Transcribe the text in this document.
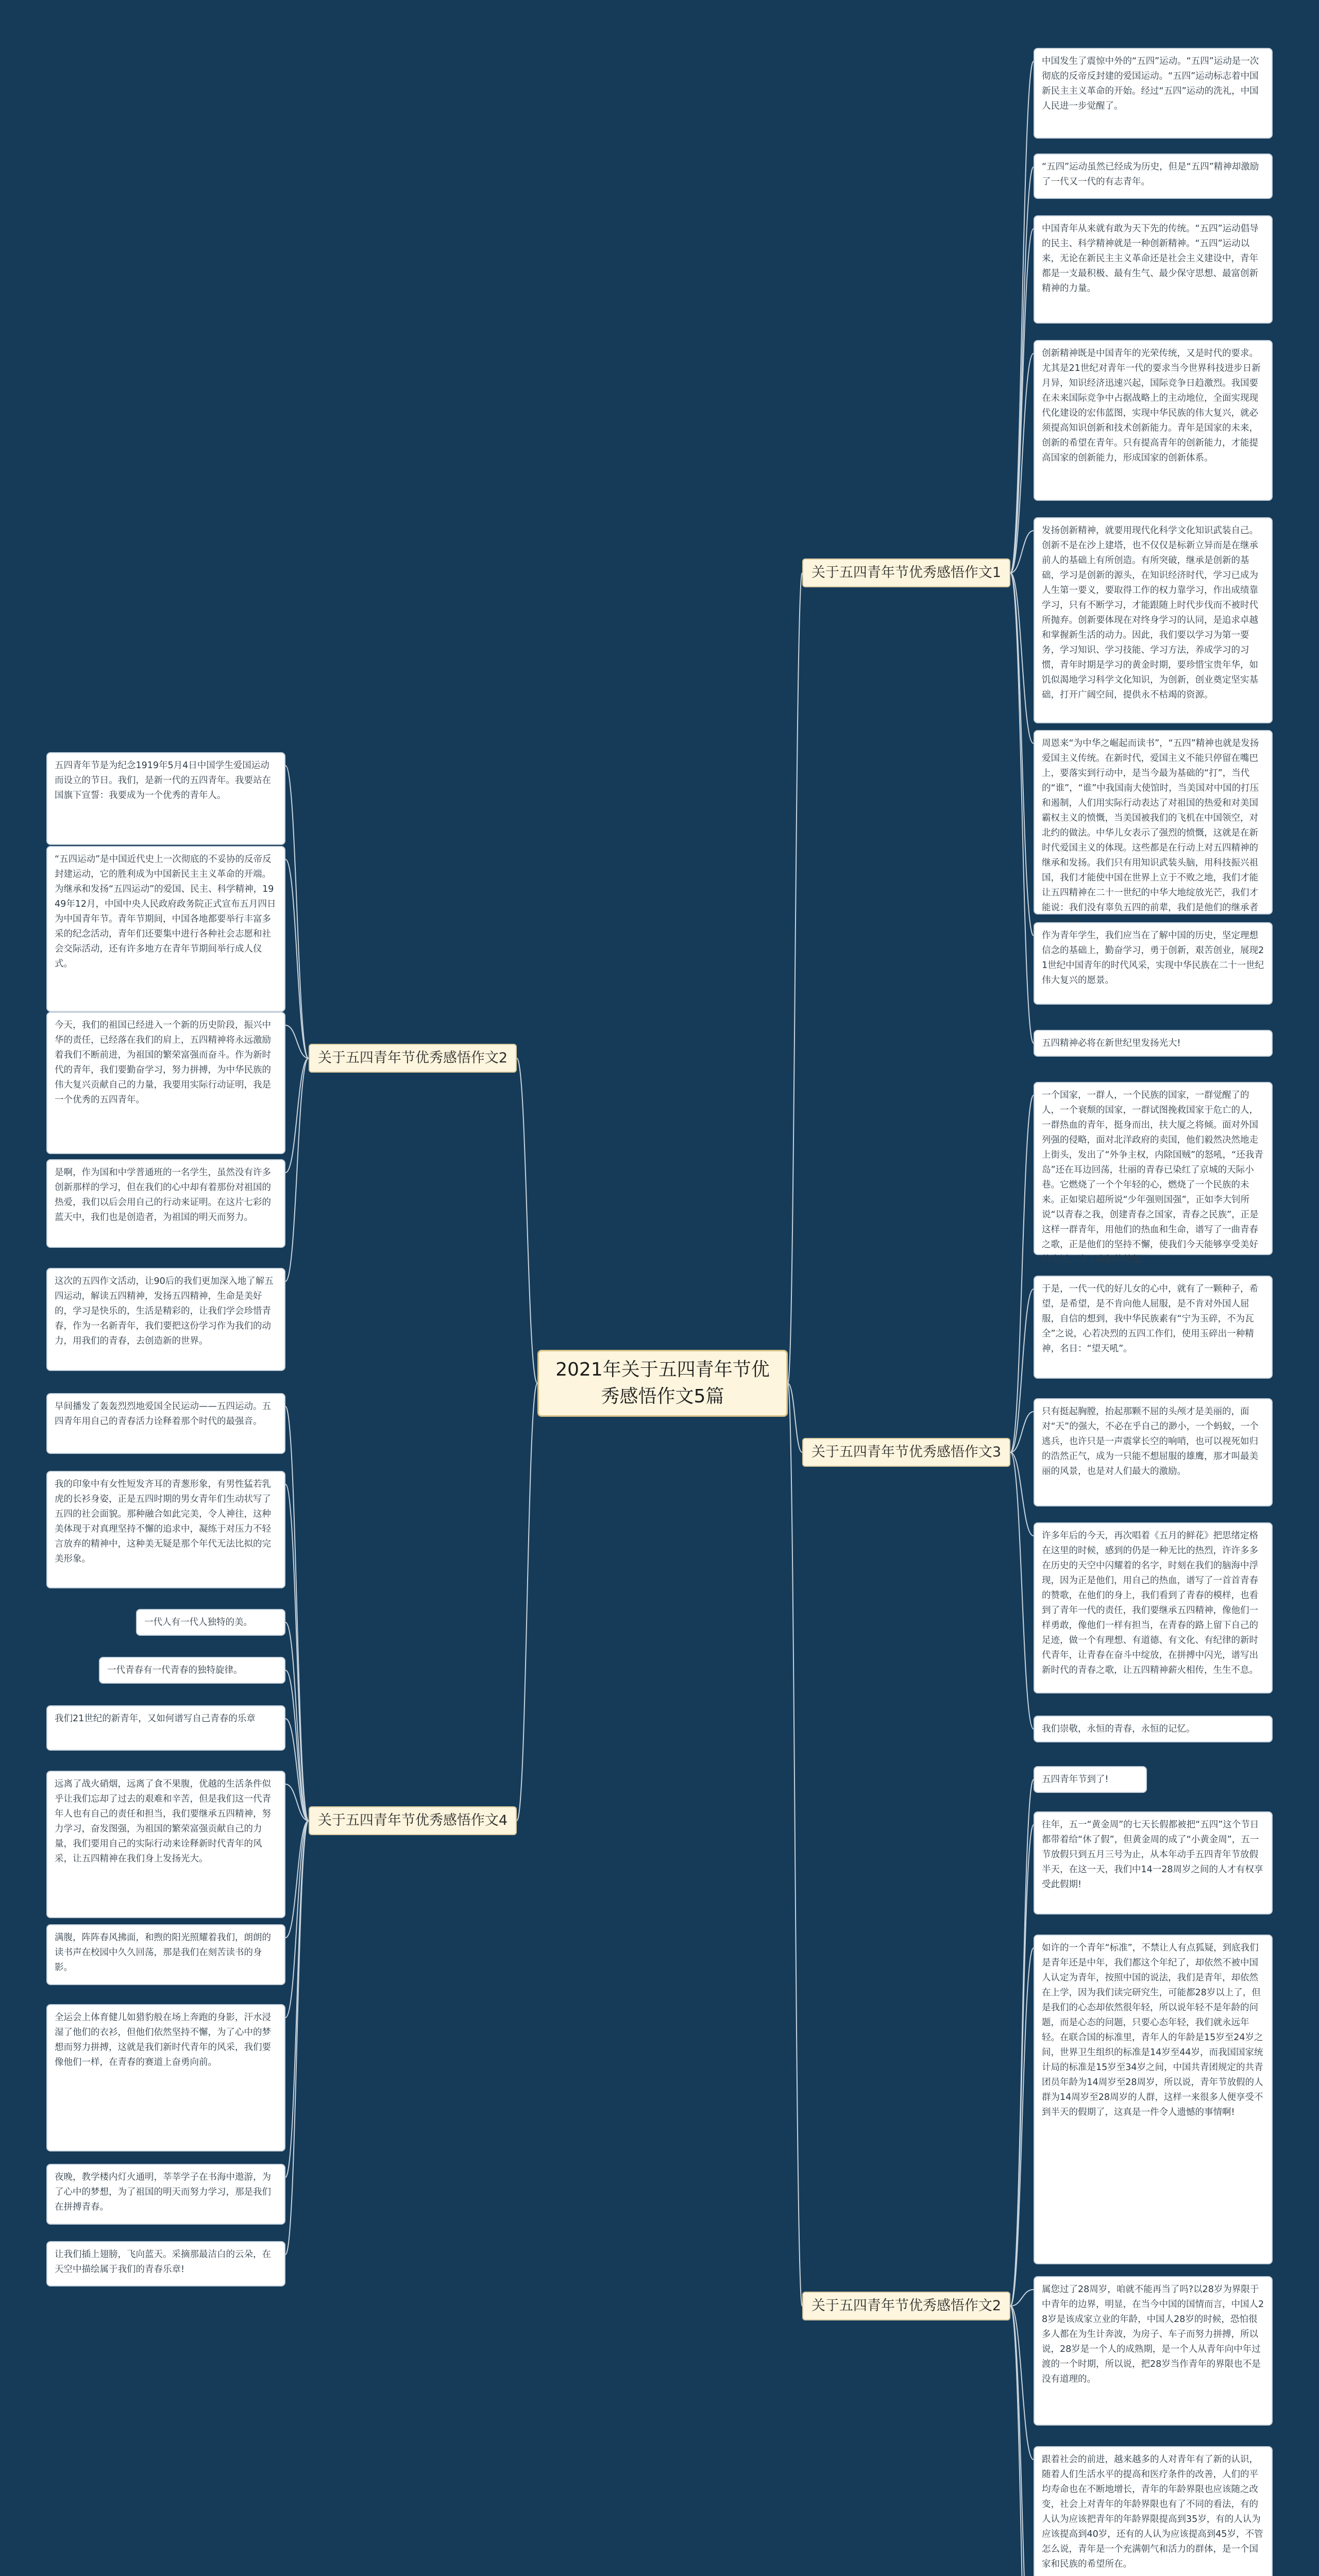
2021年关于五四青年节优秀感悟作文5篇
关于五四青年节优秀感悟作文1
关于五四青年节优秀感悟作文3
关于五四青年节优秀感悟作文2
关于五四青年节优秀感悟作文2
关于五四青年节优秀感悟作文4

中国发生了震惊中外的“五四”运动。“五四”运动是一次彻底的反帝反封建的爱国运动。“五四”运动标志着中国新民主主义革命的开始。经过“五四”运动的洗礼，中国人民进一步觉醒了。

“五四”运动虽然已经成为历史，但是“五四”精神却激励了一代又一代的有志青年。

中国青年从来就有敢为天下先的传统。“五四”运动倡导的民主、科学精神就是一种创新精神。“五四”运动以来，无论在新民主主义革命还是社会主义建设中，青年都是一支最积极、最有生气、最少保守思想、最富创新精神的力量。

创新精神既是中国青年的光荣传统，又是时代的要求。尤其是21世纪对青年一代的要求当今世界科技进步日新月异，知识经济迅速兴起，国际竞争日趋激烈。我国要在未来国际竞争中占据战略上的主动地位，全面实现现代化建设的宏伟蓝图，实现中华民族的伟大复兴，就必须提高知识创新和技术创新能力。青年是国家的未来，创新的希望在青年。只有提高青年的创新能力，才能提高国家的创新能力，形成国家的创新体系。

发扬创新精神，就要用现代化科学文化知识武装自己。创新不是在沙上建塔，也不仅仅是标新立异而是在继承前人的基础上有所创造。有所突破，继承是创新的基础，学习是创新的源头，在知识经济时代，学习已成为人生第一要义，要取得工作的权力靠学习，作出成绩靠学习，只有不断学习，才能跟随上时代步伐而不被时代所抛弃。创新要体现在对终身学习的认同，是追求卓越和掌握新生活的动力。因此，我们要以学习为第一要务，学习知识、学习技能、学习方法，养成学习的习惯，青年时期是学习的黄金时期，要珍惜宝贵年华，如饥似渴地学习科学文化知识，为创新，创业奠定坚实基础，打开广阔空间，提供永不枯竭的资源。

周恩来“为中华之崛起而读书”，“五四”精神也就是发扬爱国主义传统。在新时代，爱国主义不能只停留在嘴巴上，要落实到行动中，是当今最为基础的“打”，当代的“谁”，“谁”中我国南大使馆时，当美国对中国的打压和遏制，人们用实际行动表达了对祖国的热爱和对美国霸权主义的愤慨，当美国被我们的飞机在中国领空，对北约的做法。中华儿女表示了强烈的愤慨，这就是在新时代爱国主义的体现。这些都是在行动上对五四精神的继承和发扬。我们只有用知识武装头脑，用科技振兴祖国，我们才能使中国在世界上立于不败之地，我们才能让五四精神在二十一世纪的中华大地绽放光芒，我们才能说：我们没有辜负五四的前辈，我们是他们的继承者

作为青年学生，我们应当在了解中国的历史，坚定理想信念的基础上，勤奋学习，勇于创新，艰苦创业，展现21世纪中国青年的时代风采，实现中华民族在二十一世纪伟大复兴的愿景。

五四精神必将在新世纪里发扬光大!

一个国家，一群人，一个民族的国家，一群觉醒了的人，一个衰颓的国家，一群试图挽救国家于危亡的人，一群热血的青年，挺身而出，扶大厦之将倾。面对外国列强的侵略，面对北洋政府的卖国，他们毅然决然地走上街头，发出了“外争主权，内除国贼”的怒吼，“还我青岛”还在耳边回荡，壮丽的青春已染红了京城的天际小巷。它燃烧了一个个年轻的心，燃烧了一个民族的未来。正如梁启超所说“少年强则国强”，正如李大钊所说“以青春之我，创建青春之国家，青春之民族”，正是这样一群青年，用他们的热血和生命，谱写了一曲青春之歌，正是他们的坚持不懈，使我们今天能够享受美好的生活，为了我们的梦想。

于是，一代一代的好儿女的心中，就有了一颗种子，希望，是希望，是不肯向他人屈服，是不肯对外国人屈服，自信的想到，我中华民族素有“宁为玉碎，不为瓦全”之说，心若决烈的五四工作们，使用玉碎出一种精神，名日：“望天吼”。

只有挺起胸膛，抬起那颗不屈的头颅才是美丽的，面对“天”的强大，不必在乎自己的渺小，一个蚂蚁，一个逃兵，也许只是一声震掌长空的响哨，也可以视死如归的浩然正气，成为一只能不想屈服的雄鹰，那才叫最美丽的风景，也是对人们最大的激励。

许多年后的今天，再次唱着《五月的鲜花》把思绪定格在这里的时候，感到的仍是一种无比的热烈，许许多多在历史的天空中闪耀着的名字，时刻在我们的脑海中浮现，因为正是他们，用自己的热血，谱写了一首首青春的赞歌，在他们的身上，我们看到了青春的模样，也看到了青年一代的责任，我们要继承五四精神，像他们一样勇敢，像他们一样有担当，在青春的路上留下自己的足迹，做一个有理想、有道德、有文化、有纪律的新时代青年，让青春在奋斗中绽放，在拼搏中闪光，谱写出新时代的青春之歌，让五四精神薪火相传，生生不息。

我们崇敬，永恒的青春，永恒的记忆。

五四青年节到了!

往年，五一“黄金周”的七天长假都被把“五四”这个节日都带着给“休了假”，但黄金周的成了“小黄金周”，五一节放假只到五月三号为止，从本年动手五四青年节放假半天，在这一天，我们中14一28周岁之间的人才有权享受此假期!

如许的一个青年“标准”，不禁让人有点狐疑，到底我们是青年还是中年，我们都这个年纪了，却依然不被中国人认定为青年，按照中国的说法，我们是青年，却依然在上学，因为我们读完研究生，可能都28岁以上了，但是我们的心态却依然很年轻，所以说年轻不是年龄的问题，而是心态的问题，只要心态年轻，我们就永远年轻。在联合国的标准里，青年人的年龄是15岁至24岁之间，世界卫生组织的标准是14岁至44岁，而我国国家统计局的标准是15岁至34岁之间，中国共青团规定的共青团员年龄为14周岁至28周岁，所以说，青年节放假的人群为14周岁至28周岁的人群，这样一来很多人便享受不到半天的假期了，这真是一件令人遗憾的事情啊!

属您过了28周岁，咱就不能再当了吗?以28岁为界限于中青年的边界，明显，在当今中国的国情而言，中国人28岁是该成家立业的年龄，中国人28岁的时候，恐怕很多人都在为生计奔波，为房子、车子而努力拼搏，所以说，28岁是一个人的成熟期，是一个人从青年向中年过渡的一个时期，所以说，把28岁当作青年的界限也不是没有道理的。

跟着社会的前进，越来越多的人对青年有了新的认识，随着人们生活水平的提高和医疗条件的改善，人们的平均寿命也在不断地增长，青年的年龄界限也应该随之改变，社会上对青年的年龄界限也有了不同的看法，有的人认为应该把青年的年龄界限提高到35岁，有的人认为应该提高到40岁，还有的人认为应该提高到45岁，不管怎么说，青年是一个充满朝气和活力的群体，是一个国家和民族的希望所在。

五四青年节是为纪念1919年5月4日中国学生爱国运动而设立的节日。我们，是新一代的五四青年。我要站在国旗下宣誓：我要成为一个优秀的青年人。

“五四运动”是中国近代史上一次彻底的不妥协的反帝反封建运动，它的胜利成为中国新民主主义革命的开端。为继承和发扬“五四运动”的爱国、民主、科学精神，1949年12月，中国中央人民政府政务院正式宣布五月四日为中国青年节。青年节期间，中国各地都要举行丰富多采的纪念活动，青年们还要集中进行各种社会志愿和社会交际活动，还有许多地方在青年节期间举行成人仪式。

今天，我们的祖国已经进入一个新的历史阶段，振兴中华的责任，已经落在我们的肩上，五四精神将永远激励着我们不断前进，为祖国的繁荣富强而奋斗。作为新时代的青年，我们要勤奋学习，努力拼搏，为中华民族的伟大复兴贡献自己的力量，我要用实际行动证明，我是一个优秀的五四青年。

是啊，作为国和中学普通班的一名学生，虽然没有许多创新那样的学习，但在我们的心中却有着那份对祖国的热爱，我们以后会用自己的行动来证明。在这片七彩的蓝天中，我们也是创造者，为祖国的明天而努力。

这次的五四作文活动，让90后的我们更加深入地了解五四运动，解读五四精神，发扬五四精神，生命是美好的，学习是快乐的，生活是精彩的，让我们学会珍惜青春，作为一名新青年，我们要把这份学习作为我们的动力，用我们的青春，去创造新的世界。

早间播发了轰轰烈烈地爱国全民运动——五四运动。五四青年用自己的青春活力诠释着那个时代的最强音。

我的印象中有女性短发齐耳的青葱形象，有男性猛若乳虎的长衫身姿，正是五四时期的男女青年们生动状写了五四的社会面貌。那种融合如此完美，令人神往，这种美体现于对真理坚持不懈的追求中，凝练于对压力不轻言放弃的精神中，这种美无疑是那个年代无法比拟的完美形象。

一代人有一代人独特的美。

一代青春有一代青春的独特旋律。

我们21世纪的新青年，又如何谱写自己青春的乐章

远离了战火硝烟，远离了食不果腹，优越的生活条件似乎让我们忘却了过去的艰难和辛苦，但是我们这一代青年人也有自己的责任和担当，我们要继承五四精神，努力学习，奋发图强，为祖国的繁荣富强贡献自己的力量，我们要用自己的实际行动来诠释新时代青年的风采，让五四精神在我们身上发扬光大。

满腹，阵阵春风拂面，和煦的阳光照耀着我们，朗朗的读书声在校园中久久回荡，那是我们在刻苦读书的身影。

全运会上体育健儿如猎豹般在场上奔跑的身影，汗水浸湿了他们的衣衫，但他们依然坚持不懈，为了心中的梦想而努力拼搏，这就是我们新时代青年的风采，我们要像他们一样，在青春的赛道上奋勇向前。

夜晚，教学楼内灯火通明，莘莘学子在书海中遨游，为了心中的梦想，为了祖国的明天而努力学习，那是我们在拼搏青春。

让我们插上翅膀，飞向蓝天。采摘那最洁白的云朵，在天空中描绘属于我们的青春乐章!
